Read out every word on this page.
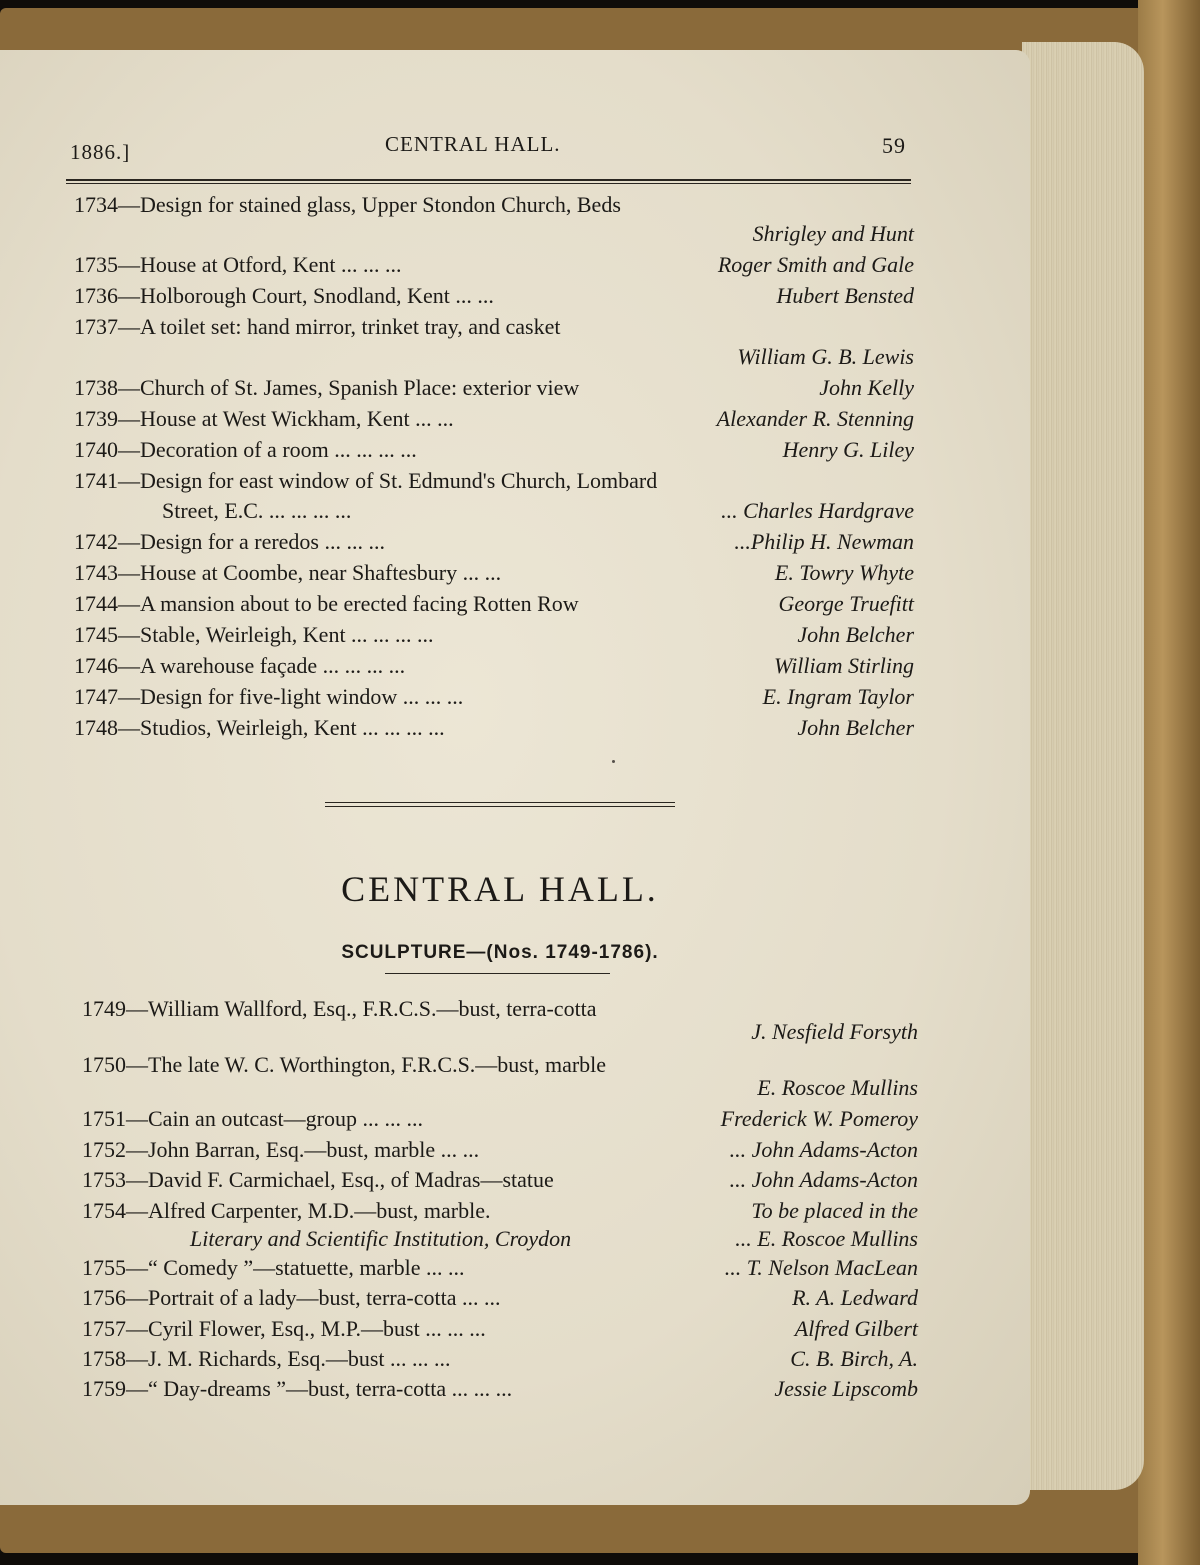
1886.]	CENTRAL HALL.	59
1734—Design for stained glass, Upper Stondon Church, Beds
Shrigley and Hunt
1735—House at Otford, Kent ... ... ...	Roger Smith and Gale
1736—Holborough Court, Snodland, Kent ... ...	Hubert Bensted
1737—A toilet set: hand mirror, trinket tray, and casket
William G. B. Lewis
1738—Church of St. James, Spanish Place: exterior view	John Kelly
1739—House at West Wickham, Kent ... ...	Alexander R. Stenning
1740—Decoration of a room ... ... ... ...	Henry G. Liley
1741—Design for east window of St. Edmund's Church, Lombard
Street, E.C. ... ... ... ...	... Charles Hardgrave
1742—Design for a reredos ... ... ...	...Philip H. Newman
1743—House at Coombe, near Shaftesbury ... ...	E. Towry Whyte
1744—A mansion about to be erected facing Rotten Row	George Truefitt
1745—Stable, Weirleigh, Kent ... ... ... ...	John Belcher
1746—A warehouse façade ... ... ... ...	William Stirling
1747—Design for five-light window ... ... ...	E. Ingram Taylor
1748—Studios, Weirleigh, Kent ... ... ... ...	John Belcher
CENTRAL HALL.
SCULPTURE—(Nos. 1749-1786).
1749—William Wallford, Esq., F.R.C.S.—bust, terra-cotta
J. Nesfield Forsyth
1750—The late W. C. Worthington, F.R.C.S.—bust, marble
E. Roscoe Mullins
1751—Cain an outcast—group ... ... ...	Frederick W. Pomeroy
1752—John Barran, Esq.—bust, marble ... ...	... John Adams-Acton
1753—David F. Carmichael, Esq., of Madras—statue	... John Adams-Acton
1754—Alfred Carpenter, M.D.—bust, marble.	To be placed in the
Literary and Scientific Institution, Croydon	... E. Roscoe Mullins
1755—“ Comedy ”—statuette, marble ... ...	... T. Nelson MacLean
1756—Portrait of a lady—bust, terra-cotta ... ...	R. A. Ledward
1757—Cyril Flower, Esq., M.P.—bust ... ... ...	Alfred Gilbert
1758—J. M. Richards, Esq.—bust ... ... ...	C. B. Birch, A.
1759—“ Day-dreams ”—bust, terra-cotta ... ... ...	Jessie Lipscomb
